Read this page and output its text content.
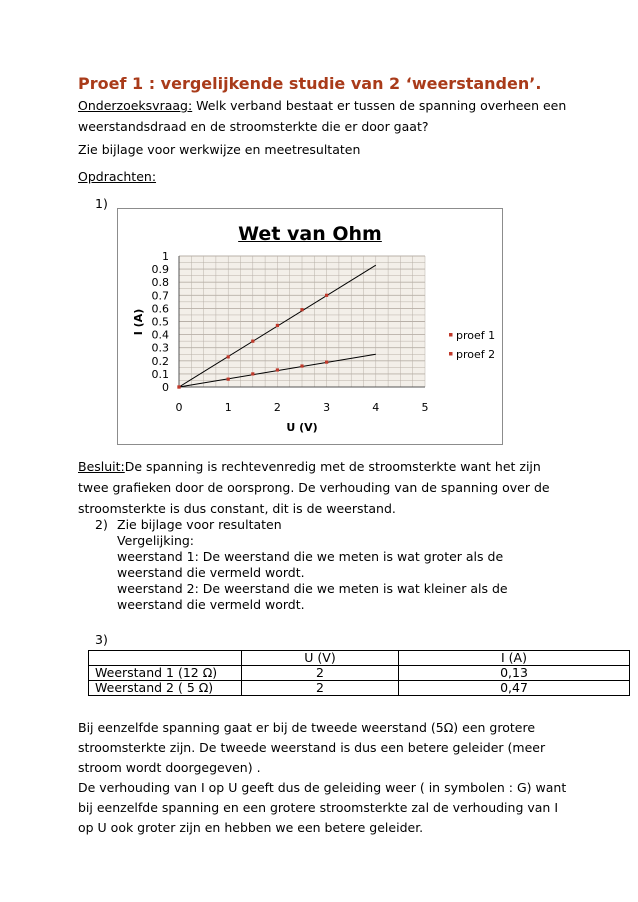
Proef 1 : vergelijkende studie van 2 ‘weerstanden’.
Onderzoeksvraag: Welk verband bestaat er tussen de spanning overheen een weerstandsdraad en de stroomsterkte die er door gaat?
Zie bijlage voor werkwijze en meetresultaten
Opdrachten:
1)
Wet van Ohm
0
0.1
0.2
0.3
0.4
0.5
0.6
0.7
0.8
0.9
1
0	1	2	3	4	5
U (V)
I (A)
proef 1
proef 2
Besluit:De spanning is rechtevenredig met de stroomsterkte want het zijn twee grafieken door de oorsprong. De verhouding van de spanning over de stroomsterkte is dus constant, dit is de weerstand.
2) Zie bijlage voor resultaten
Vergelijking:
weerstand 1: De weerstand die we meten is wat groter als de weerstand die vermeld wordt.
weerstand 2: De weerstand die we meten is wat kleiner als de weerstand die vermeld wordt.
3)
	U (V)	I (A)
Weerstand 1 (12 Ω)	2	0,13
Weerstand 2 ( 5 Ω)	2	0,47
Bij eenzelfde spanning gaat er bij de tweede weerstand (5Ω) een grotere stroomsterkte zijn. De tweede weerstand is dus een betere geleider (meer stroom wordt doorgegeven) .
De verhouding van I op U geeft dus de geleiding weer ( in symbolen : G) want bij eenzelfde spanning en een grotere stroomsterkte zal de verhouding van I op U ook groter zijn en hebben we een betere geleider.
